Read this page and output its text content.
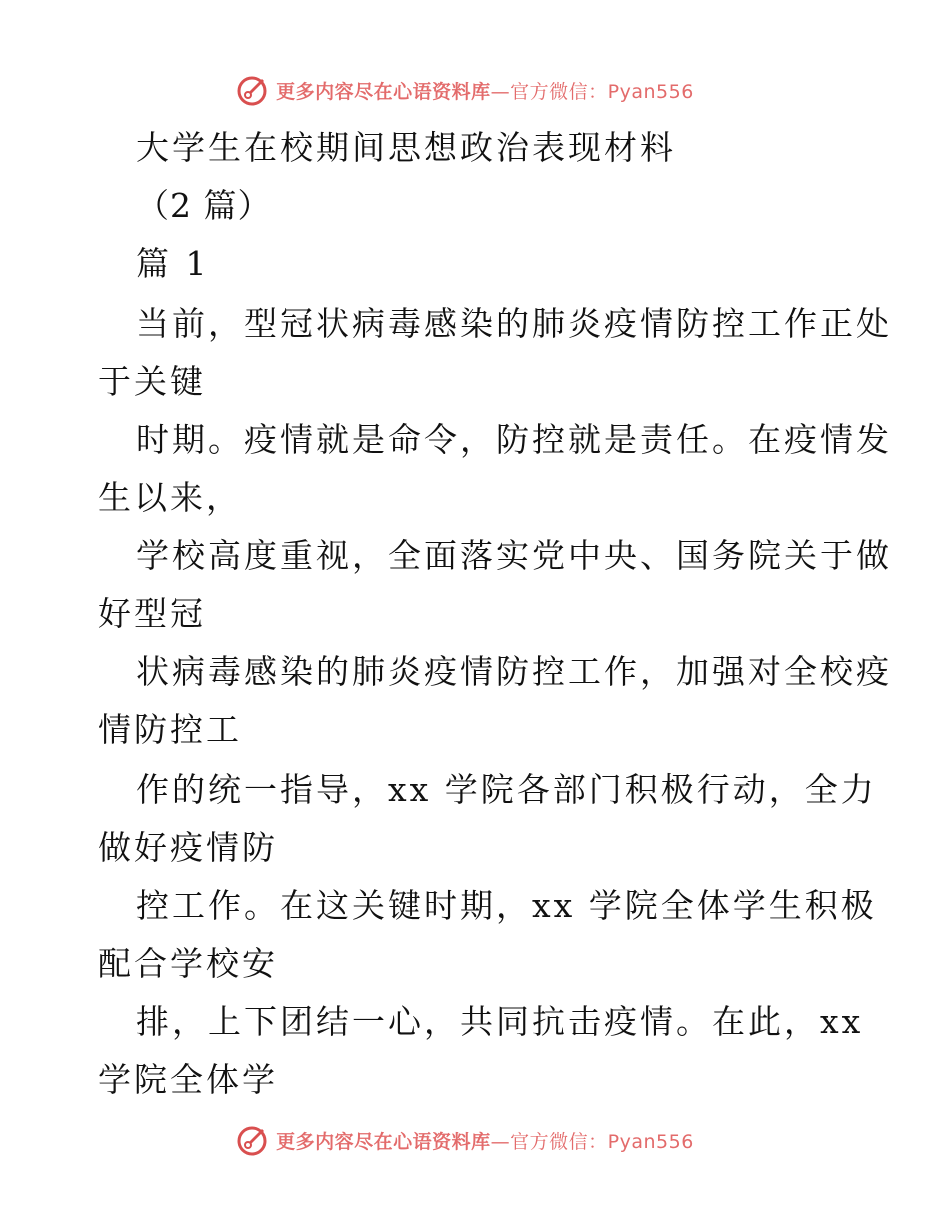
更多内容尽在心语资料库—官方微信：Pyan556
大学生在校期间思想政治表现材料
（2 篇）
篇 1
当前，型冠状病毒感染的肺炎疫情防控工作正处
于关键
时期。疫情就是命令，防控就是责任。在疫情发
生以来，
学校高度重视，全面落实党中央、国务院关于做
好型冠
状病毒感染的肺炎疫情防控工作，加强对全校疫
情防控工
作的统一指导，xx 学院各部门积极行动，全力
做好疫情防
控工作。在这关键时期，xx 学院全体学生积极
配合学校安
排，上下团结一心，共同抗击疫情。在此，xx
学院全体学
更多内容尽在心语资料库—官方微信：Pyan556
